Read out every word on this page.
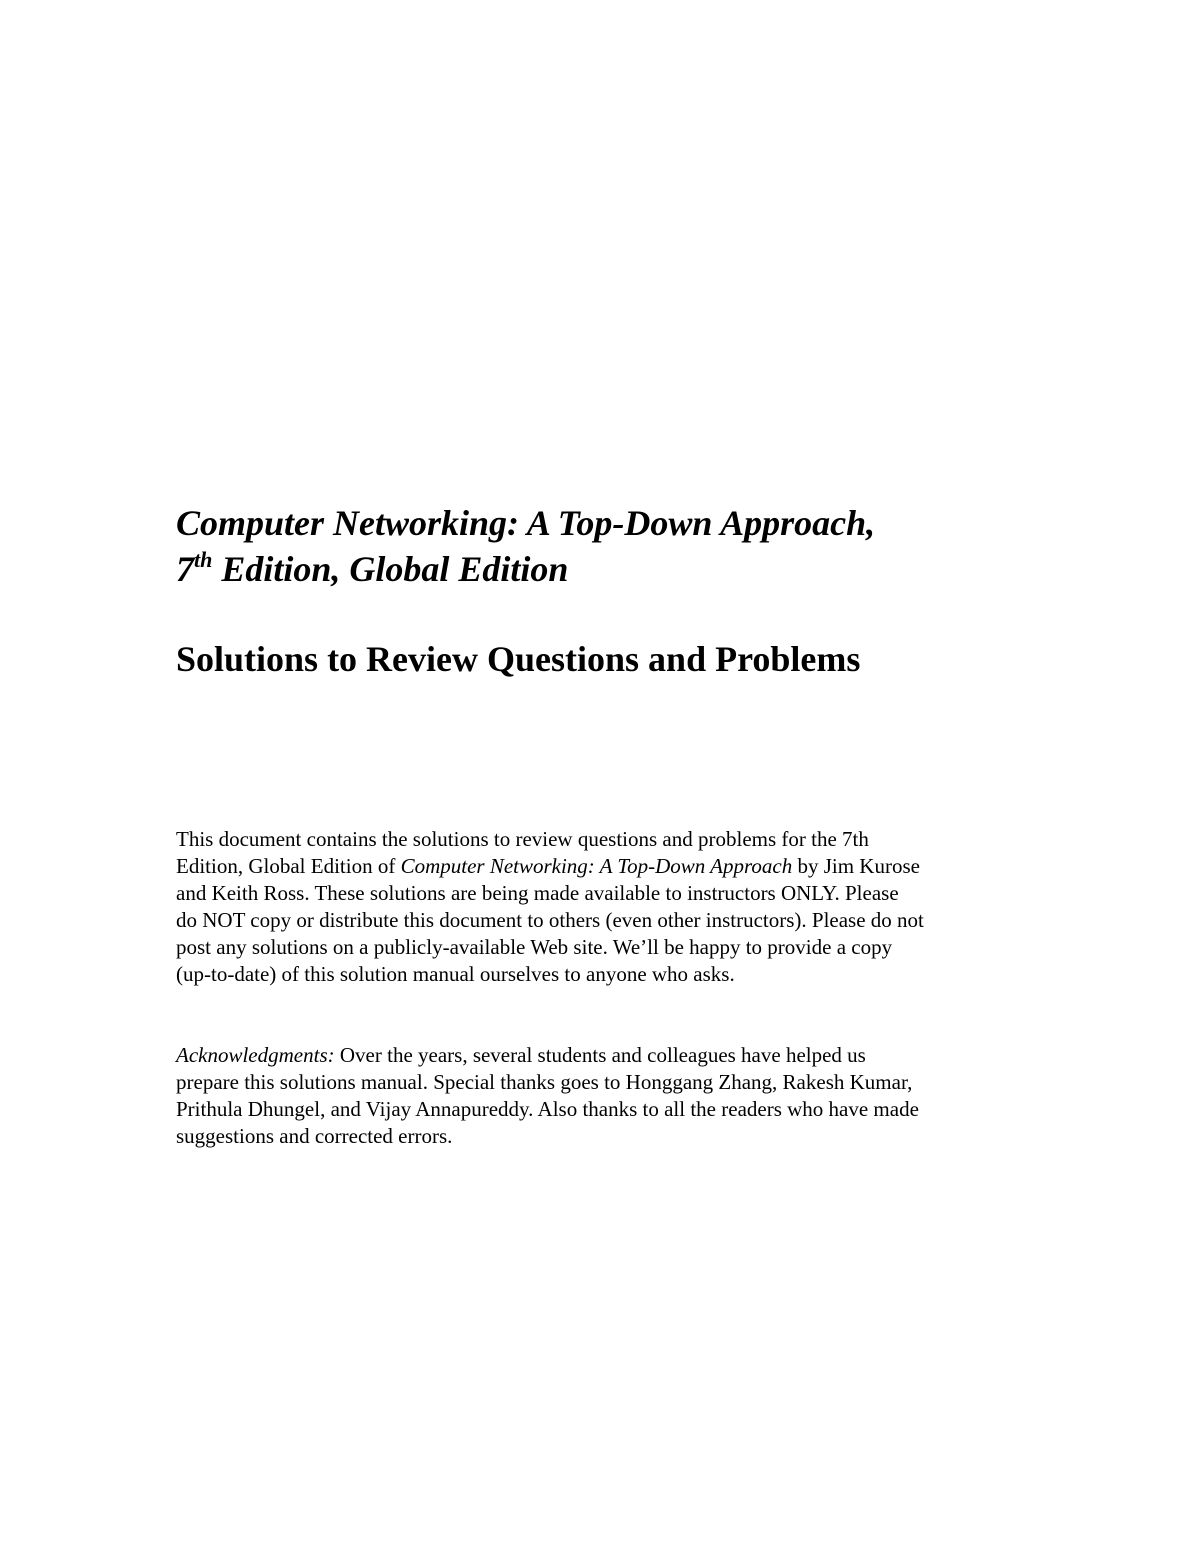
Computer Networking: A Top-Down Approach,
7th Edition, Global Edition
Solutions to Review Questions and Problems
This document contains the solutions to review questions and problems for the 7th
Edition, Global Edition of Computer Networking: A Top-Down Approach by Jim Kurose
and Keith Ross. These solutions are being made available to instructors ONLY. Please
do NOT copy or distribute this document to others (even other instructors). Please do not
post any solutions on a publicly-available Web site. We’ll be happy to provide a copy
(up-to-date) of this solution manual ourselves to anyone who asks.
Acknowledgments: Over the years, several students and colleagues have helped us
prepare this solutions manual. Special thanks goes to Honggang Zhang, Rakesh Kumar,
Prithula Dhungel, and Vijay Annapureddy. Also thanks to all the readers who have made
suggestions and corrected errors.
